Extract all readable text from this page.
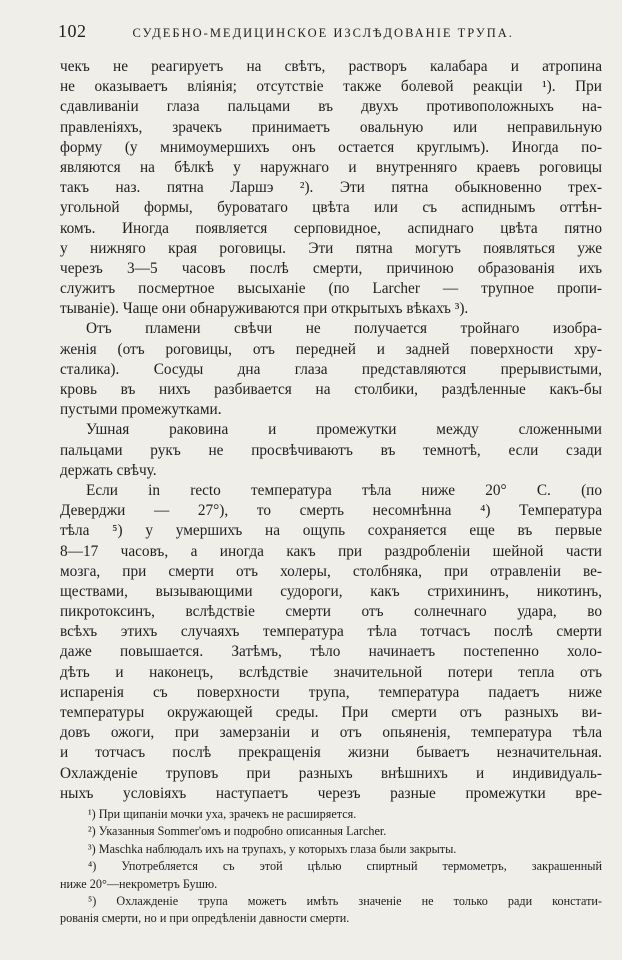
102	СУДЕБНО-МЕДИЦИНСКОЕ ИЗСЛѢДОВАНІЕ ТРУПА.
чекъ не реагируетъ на свѣтъ, растворъ калабара и атропина
не оказываетъ вліянія; отсутствіе также болевой реакціи ¹). При
сдавливаніи глаза пальцами въ двухъ противоположныхъ на-
правленіяхъ, зрачекъ принимаетъ овальную или неправильную
форму (у мнимоумершихъ онъ остается круглымъ). Иногда по-
являются на бѣлкѣ у наружнаго и внутренняго краевъ роговицы
такъ наз. пятна Ларшэ ²). Эти пятна обыкновенно трех-
угольной формы, буроватаго цвѣта или съ аспиднымъ оттѣн-
комъ. Иногда появляется серповидное, аспиднаго цвѣта пятно
у нижняго края роговицы. Эти пятна могутъ появляться уже
черезъ 3—5 часовъ послѣ смерти, причиною образованія ихъ
служитъ посмертное высыханіе (по Larcher — трупное пропи-
тываніе). Чаще они обнаруживаются при открытыхъ вѣкахъ ³).
Отъ пламени свѣчи не получается тройнаго изобра-
женія (отъ роговицы, отъ передней и задней поверхности хру-
сталика). Сосуды дна глаза представляются прерывистыми,
кровь въ нихъ разбивается на столбики, раздѣленные какъ-бы
пустыми промежутками.
Ушная раковина и промежутки между сложенными
пальцами рукъ не просвѣчиваютъ въ темнотѣ, если сзади
держать свѣчу.
Если in recto температура тѣла ниже 20° С. (по
Деверджи — 27°), то смерть несомнѣнна ⁴) Температура
тѣла ⁵) у умершихъ на ощупь сохраняется еще въ первые
8—17 часовъ, а иногда какъ при раздробленіи шейной части
мозга, при смерти отъ холеры, столбняка, при отравленіи ве-
ществами, вызывающими судороги, какъ стрихининъ, никотинъ,
пикротоксинъ, вслѣдствіе смерти отъ солнечнаго удара, во
всѣхъ этихъ случаяхъ температура тѣла тотчасъ послѣ смерти
даже повышается. Затѣмъ, тѣло начинаетъ постепенно холо-
дѣть и наконецъ, вслѣдствіе значительной потери тепла отъ
испаренія съ поверхности трупа, температура падаетъ ниже
температуры окружающей среды. При смерти отъ разныхъ ви-
довъ ожоги, при замерзаніи и отъ опьяненія, температура тѣла
и тотчасъ послѣ прекращенія жизни бываетъ незначительная.
Охлажденіе труповъ при разныхъ внѣшнихъ и индивидуаль-
ныхъ условіяхъ наступаетъ черезъ разные промежутки вре-
¹) При щипаніи мочки уха, зрачекъ не расширяется.
²) Указанныя Sommer'омъ и подробно описанныя Larcher.
³) Maschka наблюдалъ ихъ на трупахъ, у которыхъ глаза были закрыты.
⁴) Употребляется съ этой цѣлью спиртный термометръ, закрашенный
ниже 20°—некрометръ Бушю.
⁵) Охлажденіе трупа можетъ имѣть значеніе не только ради констати-
рованія смерти, но и при опредѣленіи давности смерти.
